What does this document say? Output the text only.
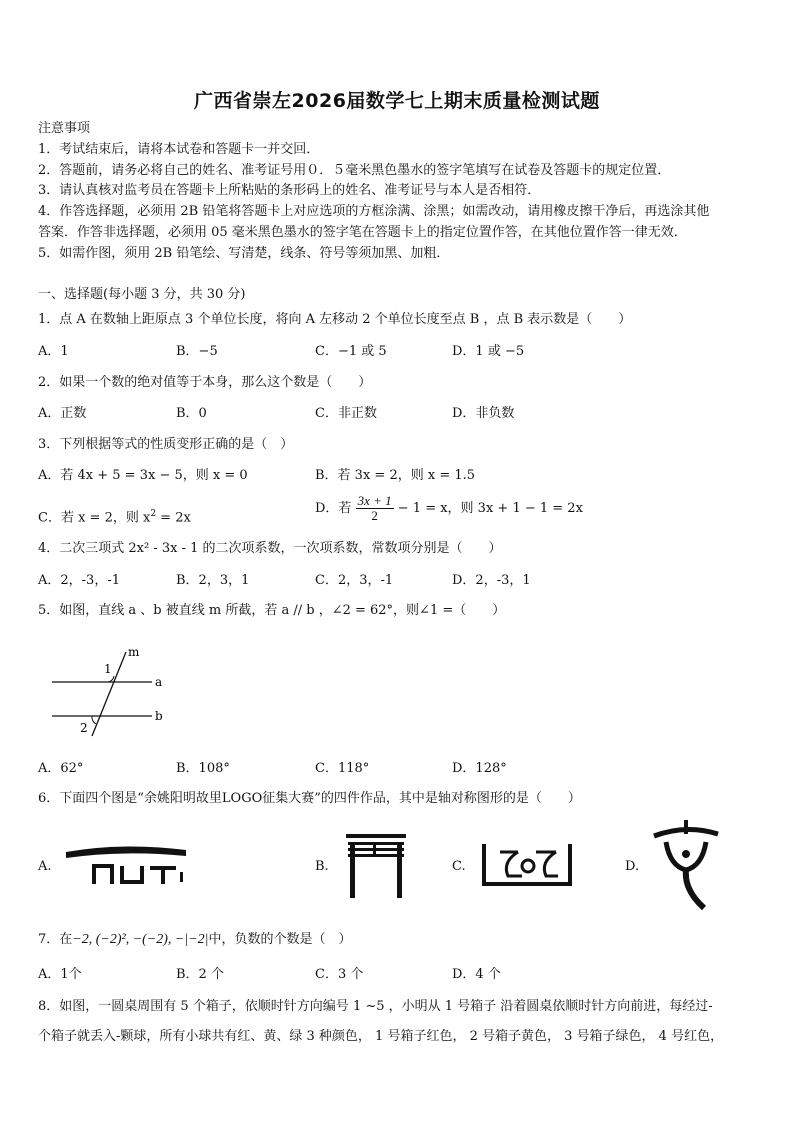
广西省崇左2026届数学七上期末质量检测试题
注意事项
1．考试结束后，请将本试卷和答题卡一并交回．
2．答题前，请务必将自己的姓名、准考证号用０．５毫米黑色墨水的签字笔填写在试卷及答题卡的规定位置．
3．请认真核对监考员在答题卡上所粘贴的条形码上的姓名、准考证号与本人是否相符．
4．作答选择题，必须用 2B 铅笔将答题卡上对应选项的方框涂满、涂黑；如需改动，请用橡皮擦干净后，再选涂其他
答案．作答非选择题，必须用 05 毫米黑色墨水的签字笔在答题卡上的指定位置作答，在其他位置作答一律无效．
5．如需作图，须用 2B 铅笔绘、写清楚，线条、符号等须加黑、加粗．
一、选择题(每小题 3 分，共 30 分)
1．点 A 在数轴上距原点 3 个单位长度，将向 A 左移动 2 个单位长度至点 B ，点 B 表示数是（　　）
A．1	B．−5	C．−1 或 5	D．1 或 −5
2．如果一个数的绝对值等于本身，那么这个数是（　　）
A．正数	B．0	C．非正数	D．非负数
3．下列根据等式的性质变形正确的是（　）
A．若 4x + 5 = 3x − 5，则 x = 0	B．若 3x = 2，则 x = 1.5
C．若 x = 2，则 $x^2 = 2x$
D．若 $\frac{3x + 1}{2} - 1 = x$，则 3x + 1 − 1 = 2x
4．二次三项式 2x² - 3x - 1 的二次项系数，一次项系数，常数项分别是（　　）
A．2，-3，-1	B．2，3，1	C．2，3，-1	D．2，-3，1
5．如图，直线 a 、b 被直线 m 所截，若 a // b ，∠2 = 62°，则∠1 =（　　）
m
a
b
1
2
A．62°	B．108°	C．118°	D．128°
6．下面四个图是“余姚阳明故里LOGO征集大赛”的四件作品，其中是轴对称图形的是（　　）
A.	B.	C.	D.
7．在−2, (−2)², −(−2), −|−2|中，负数的个数是（　）
A．1个	B．2 个	C．3 个	D．4 个
8．如图，一圆桌周围有 5 个箱子，依顺时针方向编号 1 ~5 ，小明从 1 号箱子 沿着圆桌依顺时针方向前进，每经过-
个箱子就丢入-颗球，所有小球共有红、黄、绿 3 种颜色， 1 号箱子红色， 2 号箱子黄色， 3 号箱子绿色， 4 号红色，
